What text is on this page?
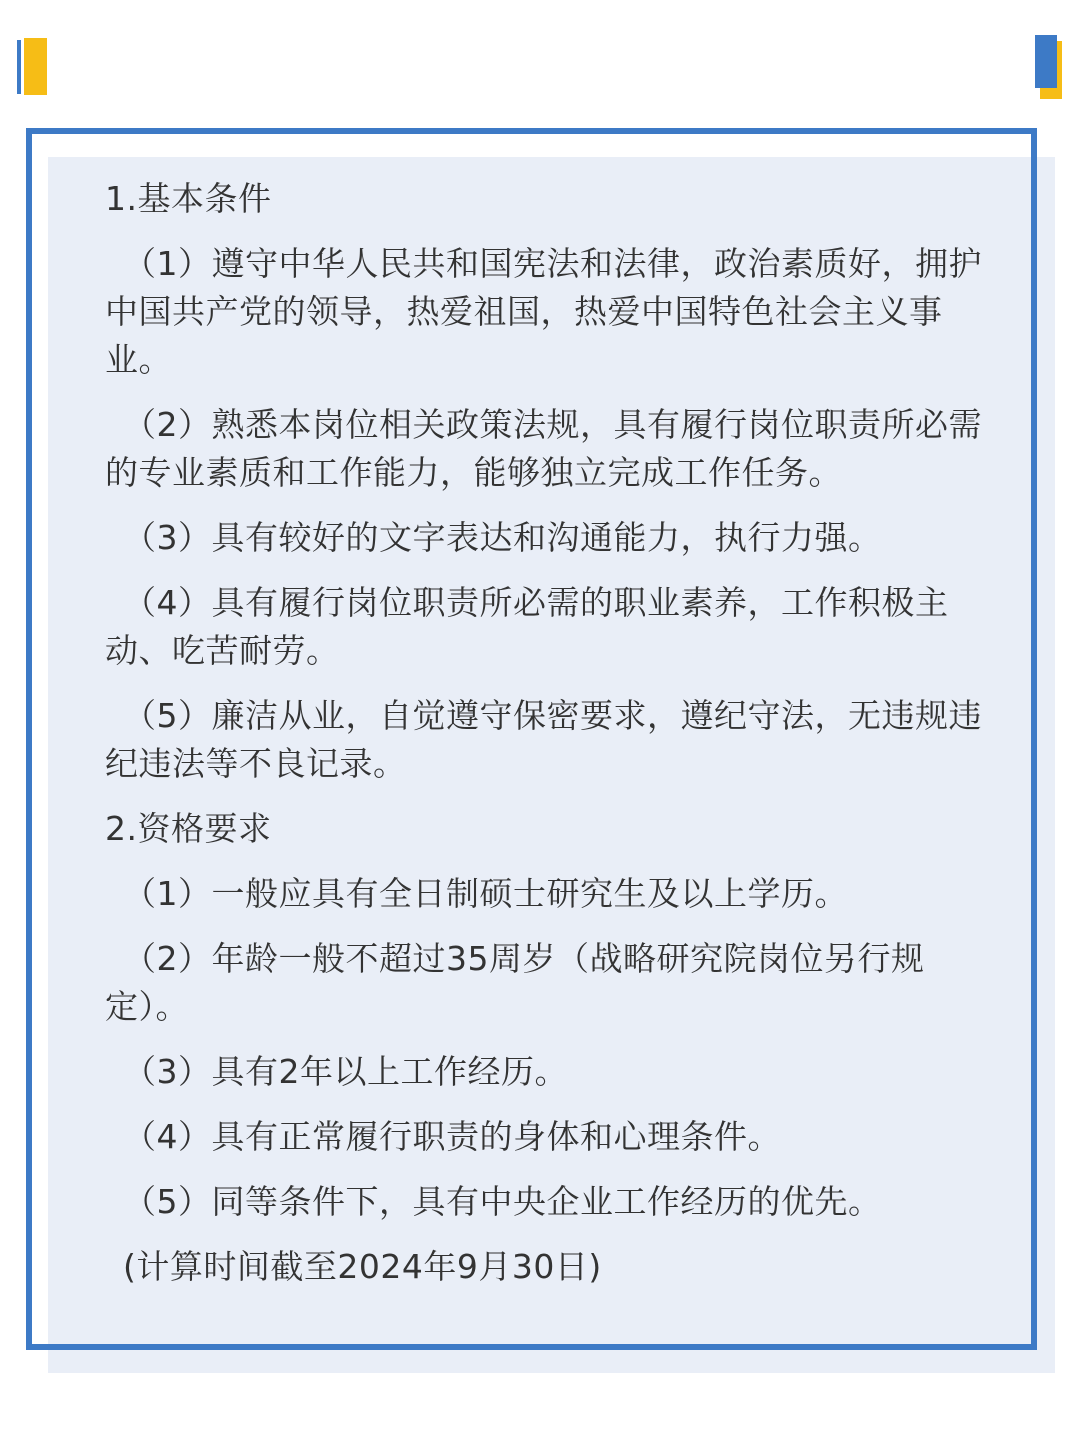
1.基本条件

（1）遵守中华人民共和国宪法和法律，政治素质好，拥护中国共产党的领导，热爱祖国，热爱中国特色社会主义事业。

（2）熟悉本岗位相关政策法规，具有履行岗位职责所必需的专业素质和工作能力，能够独立完成工作任务。

（3）具有较好的文字表达和沟通能力，执行力强。

（4）具有履行岗位职责所必需的职业素养，工作积极主动、吃苦耐劳。

（5）廉洁从业，自觉遵守保密要求，遵纪守法，无违规违纪违法等不良记录。

2.资格要求

（1）一般应具有全日制硕士研究生及以上学历。

（2）年龄一般不超过35周岁（战略研究院岗位另行规定）。

（3）具有2年以上工作经历。

（4）具有正常履行职责的身体和心理条件。

（5）同等条件下，具有中央企业工作经历的优先。

(计算时间截至2024年9月30日)
